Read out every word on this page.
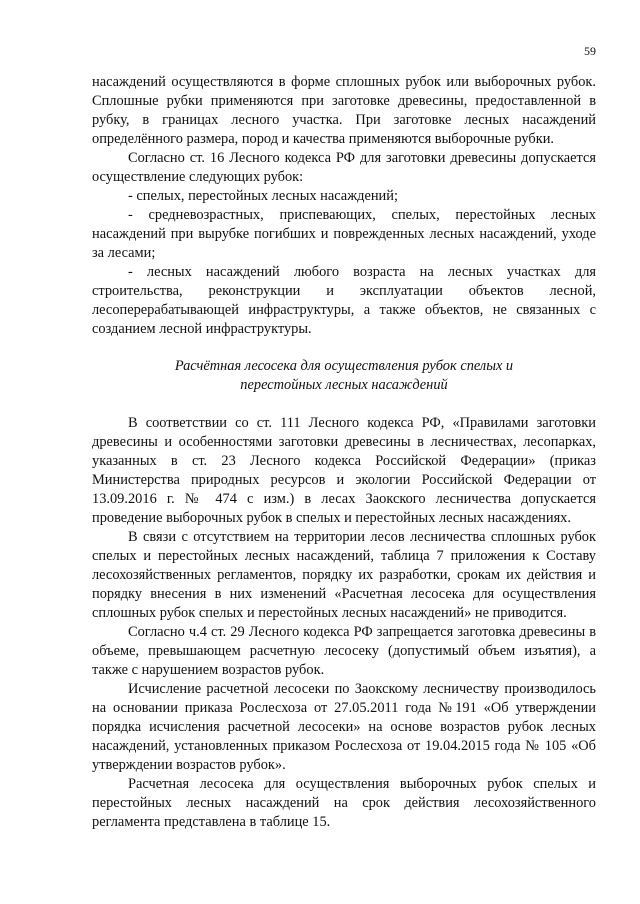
59

насаждений осуществляются в форме сплошных рубок или выборочных рубок. Сплошные рубки применяются при заготовке древесины, предоставленной в рубку, в границах лесного участка. При заготовке лесных насаждений определённого размера, пород и качества применяются выборочные рубки.

Согласно ст. 16 Лесного кодекса РФ для заготовки древесины допускается осуществление следующих рубок:

- спелых, перестойных лесных насаждений;

- средневозрастных, приспевающих, спелых, перестойных лесных насаждений при вырубке погибших и поврежденных лесных насаждений, уходе за лесами;

- лесных насаждений любого возраста на лесных участках для строительства, реконструкции и эксплуатации объектов лесной, лесоперерабатывающей инфраструктуры, а также объектов, не связанных с созданием лесной инфраструктуры.

Расчётная лесосека для осуществления рубок спелых и
перестойных лесных насаждений

В соответствии со ст. 111 Лесного кодекса РФ, «Правилами заготовки древесины и особенностями заготовки древесины в лесничествах, лесопарках, указанных в ст. 23 Лесного кодекса Российской Федерации» (приказ Министерства природных ресурсов и экологии Российской Федерации от 13.09.2016 г. № 474 с изм.) в лесах Заокского лесничества допускается проведение выборочных рубок в спелых и перестойных лесных насаждениях.

В связи с отсутствием на территории лесов лесничества сплошных рубок спелых и перестойных лесных насаждений, таблица 7 приложения к Составу лесохозяйственных регламентов, порядку их разработки, срокам их действия и порядку внесения в них изменений «Расчетная лесосека для осуществления сплошных рубок спелых и перестойных лесных насаждений» не приводится.

Согласно ч.4 ст. 29 Лесного кодекса РФ запрещается заготовка древесины в объеме, превышающем расчетную лесосеку (допустимый объем изъятия), а также с нарушением возрастов рубок.

Исчисление расчетной лесосеки по Заокскому лесничеству производилось на основании приказа Рослесхоза от 27.05.2011 года №191 «Об утверждении порядка исчисления расчетной лесосеки» на основе возрастов рубок лесных насаждений, установленных приказом Рослесхоза от 19.04.2015 года № 105 «Об утверждении возрастов рубок».

Расчетная лесосека для осуществления выборочных рубок спелых и перестойных лесных насаждений на срок действия лесохозяйственного регламента представлена в таблице 15.
